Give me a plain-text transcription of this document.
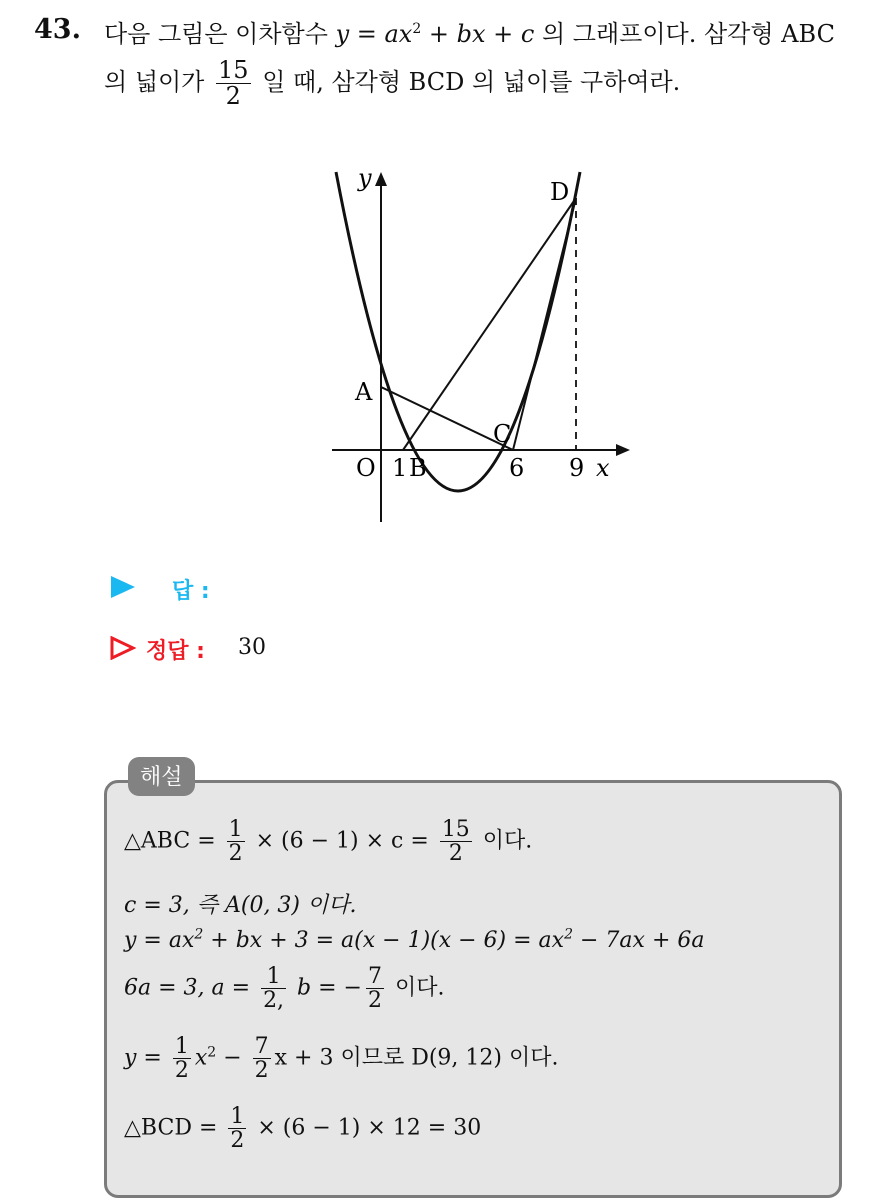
43. 다음 그림은 이차함수 $y = ax^2$ + bx + c 의 그래프이다. 삼각형 ABC
의 넓이가 $\frac{15}{2}$ 일 때, 삼각형 BCD 의 넓이를 구하여라.
y
x
O 1 B	6 9
A
C
D
답 :
정답 : 30
해설
△ABC = $\frac{1}{2} \times (6 - 1) \times c = \frac{15}{2}$ 이다.
c = 3, 즉 A(0, 3) 이다.
$y = ax^2$ + bx + $3 = a(x - 1)(x - 6) = ax^2 - 7ax + 6a$
6a = 3, $a = \frac{1}{2,}$ b = − $\frac{7}{2}$ 이다.
$y = \frac{1}{2} x^2 - \frac{7}{2}$ x + 3 이므로 D(9, 12) 이다.
△BCD = $\frac{1}{2} \times (6 - 1) \times 12 = 30$
